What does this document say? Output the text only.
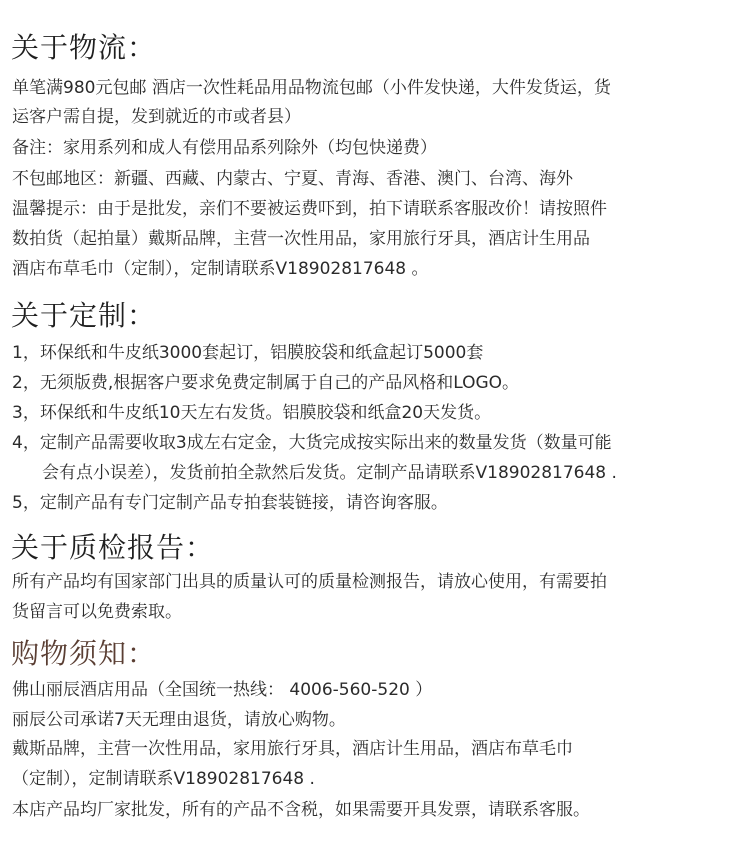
关于物流：

单笔满980元包邮 酒店一次性耗品用品物流包邮（小件发快递，大件发货运，货

运客户需自提，发到就近的市或者县）

备注：家用系列和成人有偿用品系列除外（均包快递费）

不包邮地区：新疆、西藏、内蒙古、宁夏、青海、香港、澳门、台湾、海外

温馨提示：由于是批发，亲们不要被运费吓到，拍下请联系客服改价！请按照件

数拍货（起拍量）戴斯品牌，主营一次性用品，家用旅行牙具，酒店计生用品

酒店布草毛巾（定制），定制请联系V18902817648 。

关于定制：

1，环保纸和牛皮纸3000套起订，铝膜胶袋和纸盒起订5000套

2，无须版费,根据客户要求免费定制属于自己的产品风格和LOGO。

3，环保纸和牛皮纸10天左右发货。铝膜胶袋和纸盒20天发货。

4，定制产品需要收取3成左右定金，大货完成按实际出来的数量发货（数量可能

会有点小误差），发货前拍全款然后发货。定制产品请联系V18902817648 .

5，定制产品有专门定制产品专拍套装链接，请咨询客服。

关于质检报告：

所有产品均有国家部门出具的质量认可的质量检测报告，请放心使用，有需要拍

货留言可以免费索取。

购物须知：

佛山丽辰酒店用品（全国统一热线： 4006-560-520 ）

丽辰公司承诺7天无理由退货，请放心购物。

戴斯品牌，主营一次性用品，家用旅行牙具，酒店计生用品，酒店布草毛巾

（定制），定制请联系V18902817648 .

本店产品均厂家批发，所有的产品不含税，如果需要开具发票，请联系客服。
